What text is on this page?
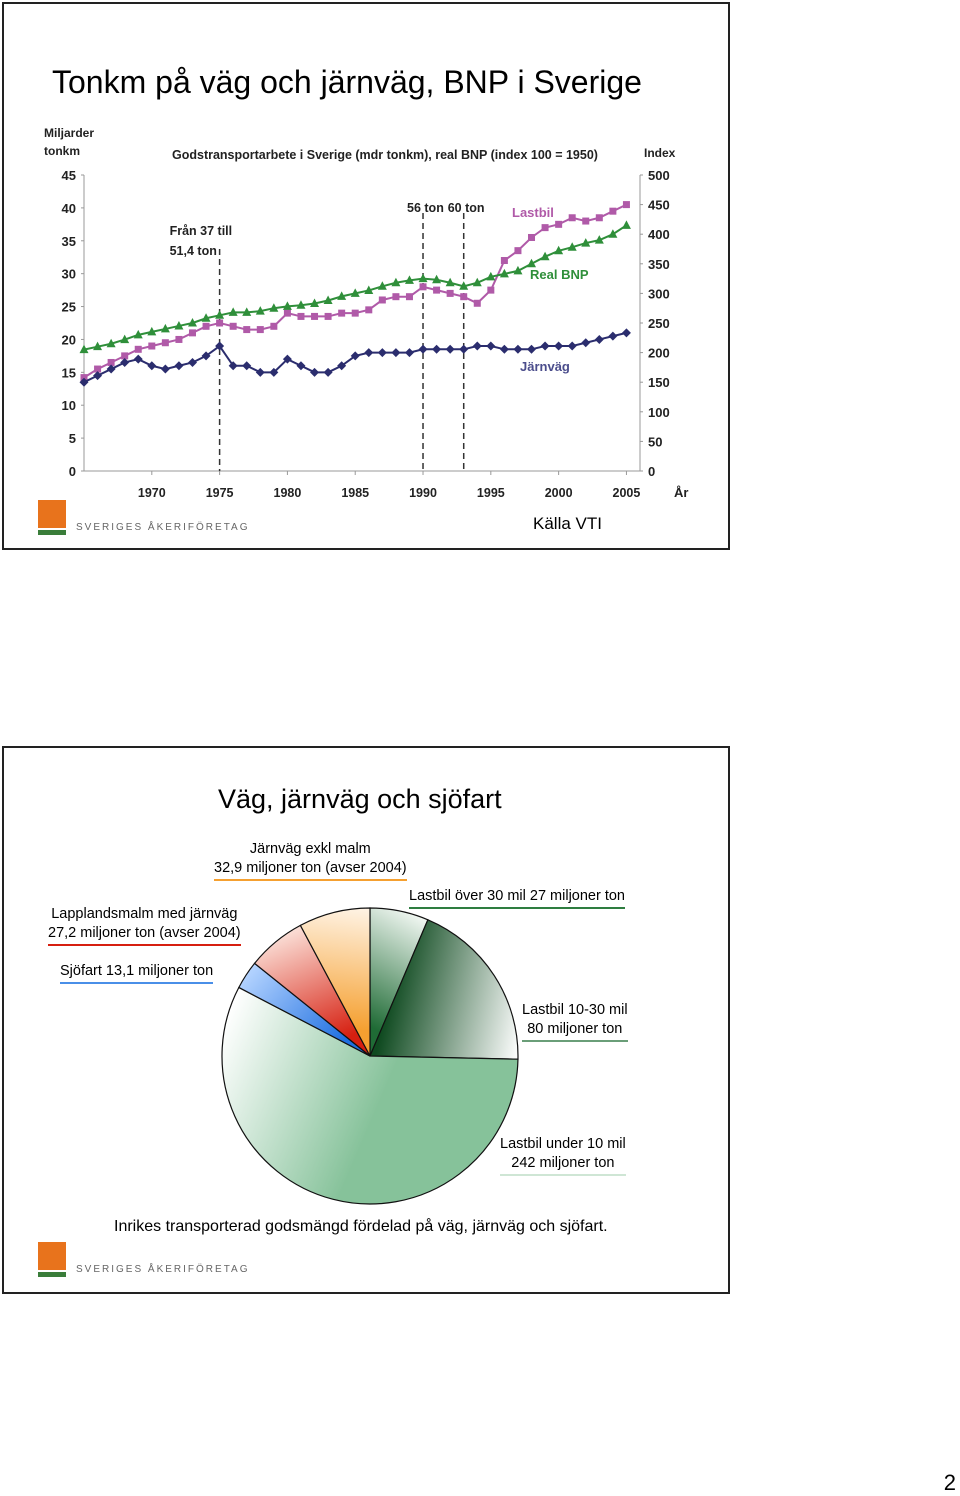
Tonkm på väg och järnväg, BNP i Sverige
Godstransportarbete i Sverige (mdr tonkm), real BNP (index 100 = 1950)
Miljarder
tonkm	Index
År
0
5
10
15
20
25
30
35
40
45
0
50
100
150
200
250
300
350
400
450
500
1970	1975	1980	1985	1990	1995	2000	2005
Från 37 till
51,4 ton
56 ton 60 ton Lastbil
Real BNP
Järnväg
SVERIGES ÅKERIFÖRETAG	Källa VTI
Väg, järnväg och sjöfart
Järnväg exkl malm
32,9 miljoner ton (avser 2004)
Lapplandsmalm med järnväg
27,2 miljoner ton (avser 2004)
Sjöfart 13,1 miljoner ton
Lastbil över 30 mil 27 miljoner ton
Lastbil 10-30 mil
80 miljoner ton
Lastbil under 10 mil
242 miljoner ton
Inrikes transporterad godsmängd fördelad på väg, järnväg och sjöfart.
SVERIGES ÅKERIFÖRETAG
2
